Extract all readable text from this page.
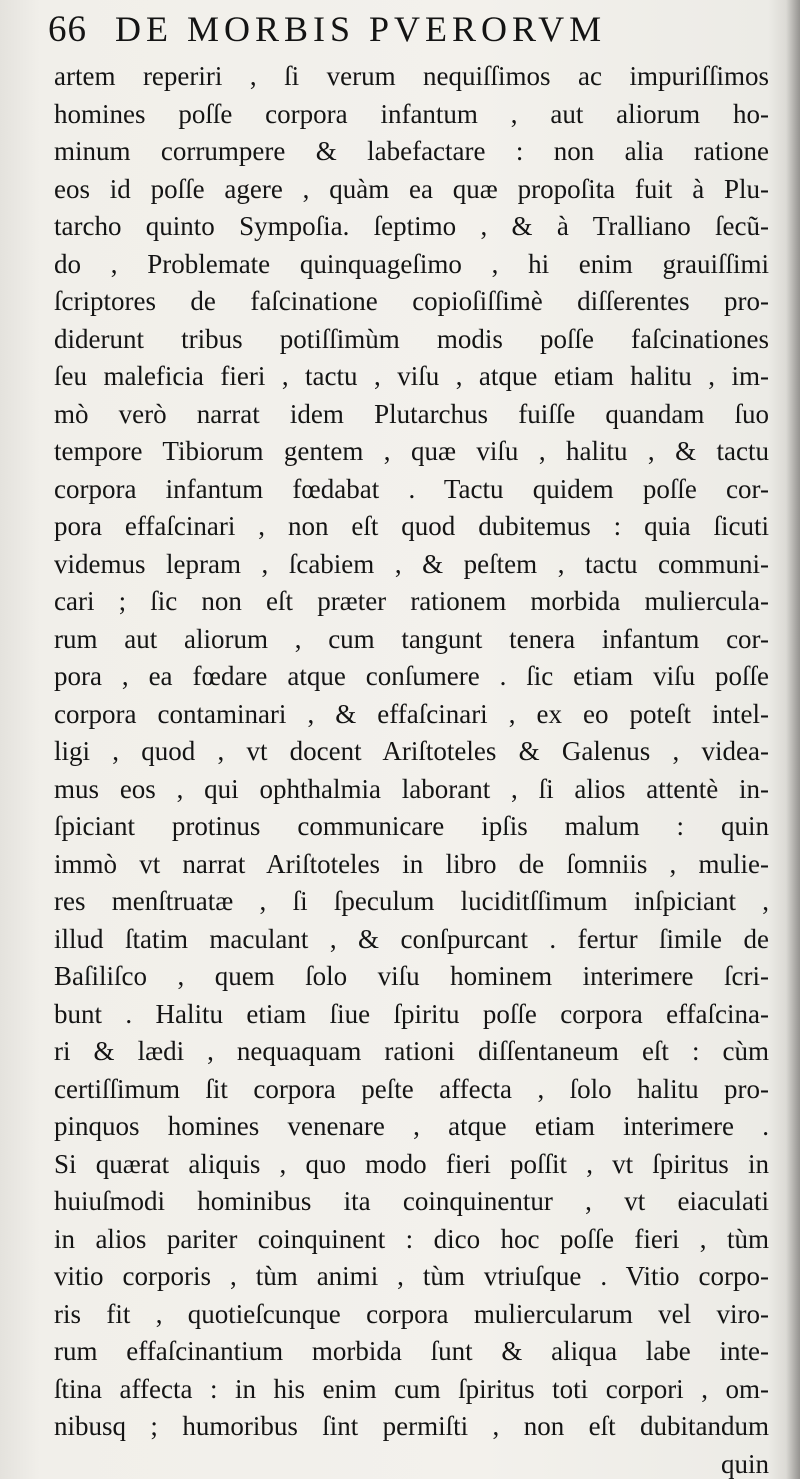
66 DE MORBIS PVERORVM
artem reperiri , ſi verum nequiſſimos ac impuriſſimos
homines poſſe corpora infantum , aut aliorum ho-
minum corrumpere & labefactare : non alia ratione
eos id poſſe agere , quàm ea quæ propoſita fuit à Plu-
tarcho quinto Sympoſia. ſeptimo , & à Tralliano ſecũ-
do , Problemate quinquageſimo , hi enim grauiſſimi
ſcriptores de faſcinatione copioſiſſimè diſſerentes pro-
diderunt tribus potiſſimùm modis poſſe faſcinationes
ſeu maleficia fieri , tactu , viſu , atque etiam halitu , im-
mò verò narrat idem Plutarchus fuiſſe quandam ſuo
tempore Tibiorum gentem , quæ viſu , halitu , & tactu
corpora infantum fœdabat . Tactu quidem poſſe cor-
pora effaſcinari , non eſt quod dubitemus : quia ſicuti
videmus lepram , ſcabiem , & peſtem , tactu communi-
cari ; ſic non eſt præter rationem morbida muliercula-
rum aut aliorum , cum tangunt tenera infantum cor-
pora , ea fœdare atque conſumere . ſic etiam viſu poſſe
corpora contaminari , & effaſcinari , ex eo poteſt intel-
ligi , quod , vt docent Ariſtoteles & Galenus , videa-
mus eos , qui ophthalmia laborant , ſi alios attentè in-
ſpiciant protinus communicare ipſis malum : quin
immò vt narrat Ariſtoteles in libro de ſomniis , mulie-
res menſtruatæ , ſi ſpeculum luciditſſimum inſpiciant ,
illud ſtatim maculant , & conſpurcant . fertur ſimile de
Baſiliſco , quem ſolo viſu hominem interimere ſcri-
bunt . Halitu etiam ſiue ſpiritu poſſe corpora effaſcina-
ri & lædi , nequaquam rationi diſſentaneum eſt : cùm
certiſſimum ſit corpora peſte affecta , ſolo halitu pro-
pinquos homines venenare , atque etiam interimere .
Si quærat aliquis , quo modo fieri poſſit , vt ſpiritus in
huiuſmodi hominibus ita coinquinentur , vt eiaculati
in alios pariter coinquinent : dico hoc poſſe fieri , tùm
vitio corporis , tùm animi , tùm vtriuſque . Vitio corpo-
ris fit , quotieſcunque corpora muliercularum vel viro-
rum effaſcinantium morbida ſunt & aliqua labe inte-
ſtina affecta : in his enim cum ſpiritus toti corpori , om-
nibusq ; humoribus ſint permiſti , non eſt dubitandum
quin
